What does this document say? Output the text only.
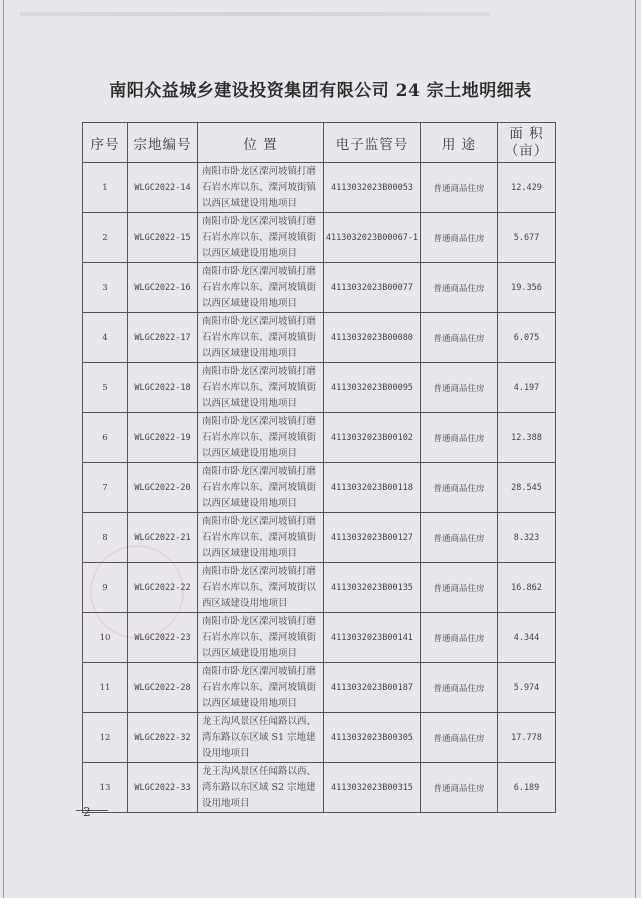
南阳众益城乡建设投资集团有限公司 24 宗土地明细表
序号	宗地编号	位 置	电子监管号	用 途	面 积
（亩）

1	WLGC2022-14	南阳市卧龙区溧河坡镇打磨
石岩水库以东、溧河坡街镇
以西区域建设用地项目	4113032023B00053	普通商品住房	12.429
2	WLGC2022-15	南阳市卧龙区溧河坡镇打磨
石岩水库以东、溧河坡镇街
以西区域建设用地项目	4113032023B00067-1	普通商品住房	5.677
3	WLGC2022-16	南阳市卧龙区溧河坡镇打磨
石岩水库以东、溧河坡镇街
以西区域建设用地项目	4113032023B00077	普通商品住房	19.356
4	WLGC2022-17	南阳市卧龙区溧河坡镇打磨
石岩水库以东、溧河坡镇街
以西区域建设用地项目	4113032023B00080	普通商品住房	6.075
5	WLGC2022-18	南阳市卧龙区溧河坡镇打磨
石岩水库以东、溧河坡镇街
以西区域建设用地项目	4113032023B00095	普通商品住房	4.197
6	WLGC2022-19	南阳市卧龙区溧河坡镇打磨
石岩水库以东、溧河坡镇街
以西区域建设用地项目	4113032023B00102	普通商品住房	12.388
7	WLGC2022-20	南阳市卧龙区溧河坡镇打磨
石岩水库以东、溧河坡镇街
以西区域建设用地项目	4113032023B00118	普通商品住房	28.545
8	WLGC2022-21	南阳市卧龙区溧河坡镇打磨
石岩水库以东、溧河坡镇街
以西区域建设用地项目	4113032023B00127	普通商品住房	8.323
9	WLGC2022-22	南阳市卧龙区溧河坡镇打磨
石岩水库以东、溧河坡街以
西区域建设用地项目	4113032023B00135	普通商品住房	16.862
10	WLGC2022-23	南阳市卧龙区溧河坡镇打磨
石岩水库以东、溧河坡镇街
以西区域建设用地项目	4113032023B00141	普通商品住房	4.344
11	WLGC2022-28	南阳市卧龙区溧河坡镇打磨
石岩水库以东、溧河坡镇街
以西区域建设用地项目	4113032023B00187	普通商品住房	5.974
12	WLGC2022-32	龙王沟风景区任闻路以西、
湾东路以东区域 S1 宗地建
设用地项目	4113032023B00305	普通商品住房	17.778
13	WLGC2022-33	龙王沟风景区任闻路以西、
湾东路以东区域 S2 宗地建
设用地项目	4113032023B00315	普通商品住房	6.189
2
